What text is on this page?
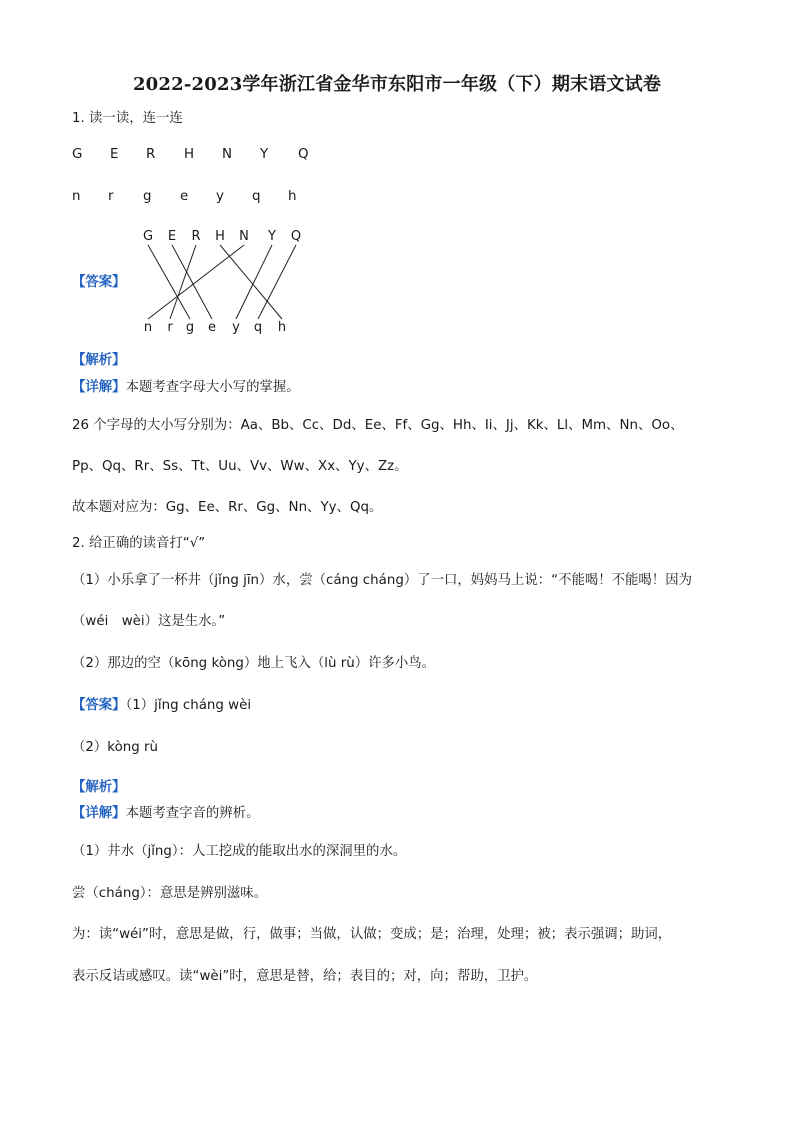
2022-2023学年浙江省金华市东阳市一年级（下）期末语文试卷
1. 读一读，连一连
G E R H N Y Q
n r g e y q h
【答案】
G E R H N Y Q
n r g e y q h
【解析】
【详解】本题考查字母大小写的掌握。
26 个字母的大小写分别为：Aa、Bb、Cc、Dd、Ee、Ff、Gg、Hh、Ii、Jj、Kk、Ll、Mm、Nn、Oo、
Pp、Qq、Rr、Ss、Tt、Uu、Vv、Ww、Xx、Yy、Zz。
故本题对应为：Gg、Ee、Rr、Gg、Nn、Yy、Qq。
2. 给正确的读音打“√”
（1）小乐拿了一杯井（jǐng jīn）水，尝（cáng cháng）了一口，妈妈马上说：“不能喝！不能喝！因为
（wéi　wèi）这是生水。”
（2）那边的空（kōng kòng）地上飞入（lù rù）许多小鸟。
【答案】（1）jǐng cháng wèi
（2）kòng rù
【解析】
【详解】本题考查字音的辨析。
（1）井水（jǐng）：人工挖成的能取出水的深洞里的水。
尝（cháng）：意思是辨别滋味。
为：读“wéi”时，意思是做，行，做事；当做，认做；变成；是；治理，处理；被；表示强调；助词，
表示反诘或感叹。读“wèi”时，意思是替，给；表目的；对，向；帮助，卫护。
